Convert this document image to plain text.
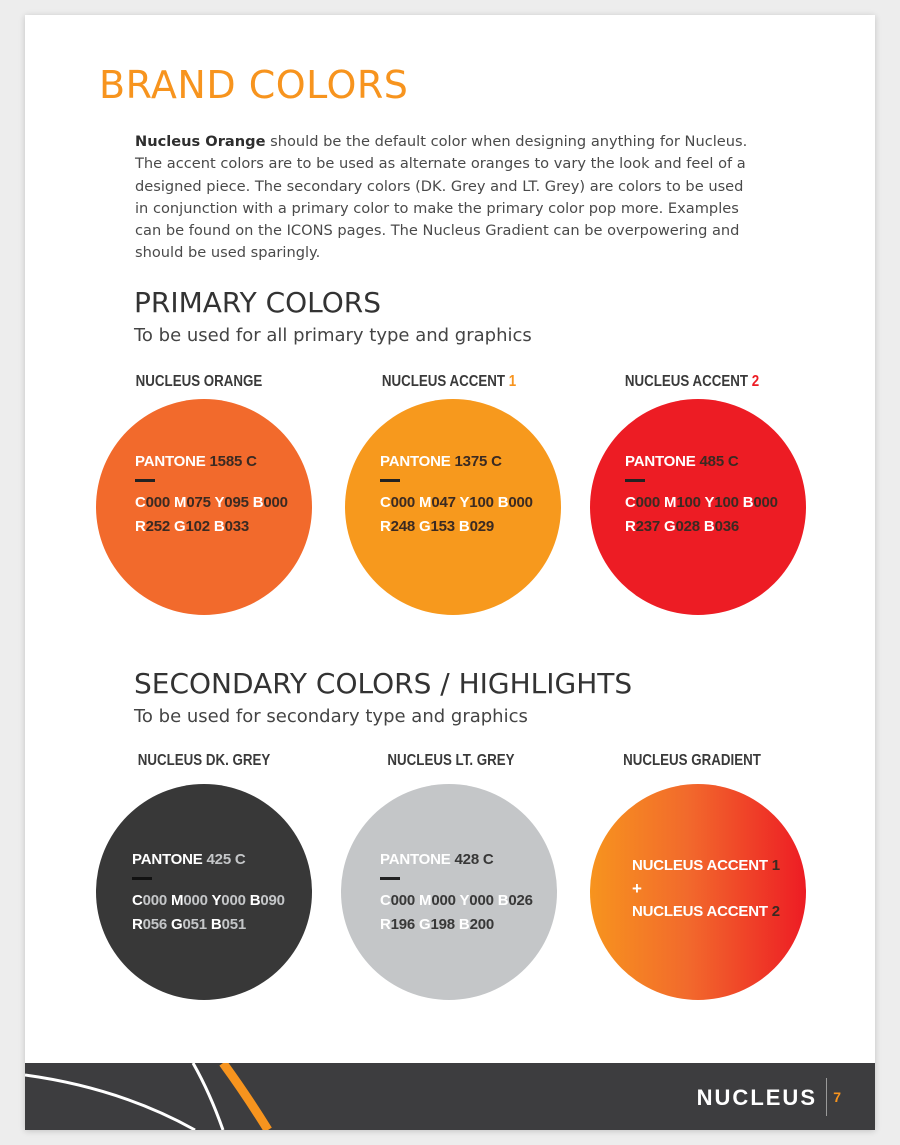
BRAND COLORS

Nucleus Orange should be the default color when designing anything for Nucleus. The accent colors are to be used as alternate oranges to vary the look and feel of a designed piece. The secondary colors (DK. Grey and LT. Grey) are colors to be used in conjunction with a primary color to make the primary color pop more. Examples can be found on the ICONS pages. The Nucleus Gradient can be overpowering and should be used sparingly.

PRIMARY COLORS

To be used for all primary type and graphics

NUCLEUS ORANGE
PANTONE 1585 C
C000 M075 Y095 B000
R252 G102 B033
NUCLEUS ACCENT 1
PANTONE 1375 C
C000 M047 Y100 B000
R248 G153 B029
NUCLEUS ACCENT 2
PANTONE 485 C
C000 M100 Y100 B000
R237 G028 B036
SECONDARY COLORS / HIGHLIGHTS

To be used for secondary type and graphics

NUCLEUS DK. GREY
PANTONE 425 C
C000 M000 Y000 B090
R056 G051 B051
NUCLEUS LT. GREY
PANTONE 428 C
C000 M000 Y000 B026
R196 G198 B200
NUCLEUS GRADIENT
NUCLEUS ACCENT 1
+
NUCLEUS ACCENT 2
NUCLEUS 7
